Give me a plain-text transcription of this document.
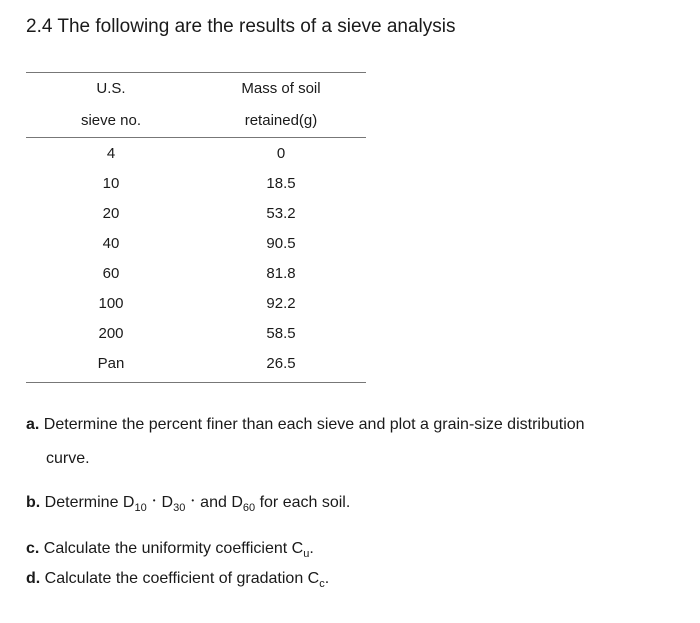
2.4 The following are the results of a sieve analysis
U.S.	Mass of soil
sieve no.	retained(g)
4	0
10	18.5
20	53.2
40	90.5
60	81.8
100	92.2
200	58.5
Pan	26.5
a. Determine the percent finer than each sieve and plot a grain-size distribution
curve.
b. Determine $D_{10}^•$ $D_{30}^•$ and $D_{60}$ for each soil.
c. Calculate the uniformity coefficient $C_u$.
d. Calculate the coefficient of gradation $C_c$.
